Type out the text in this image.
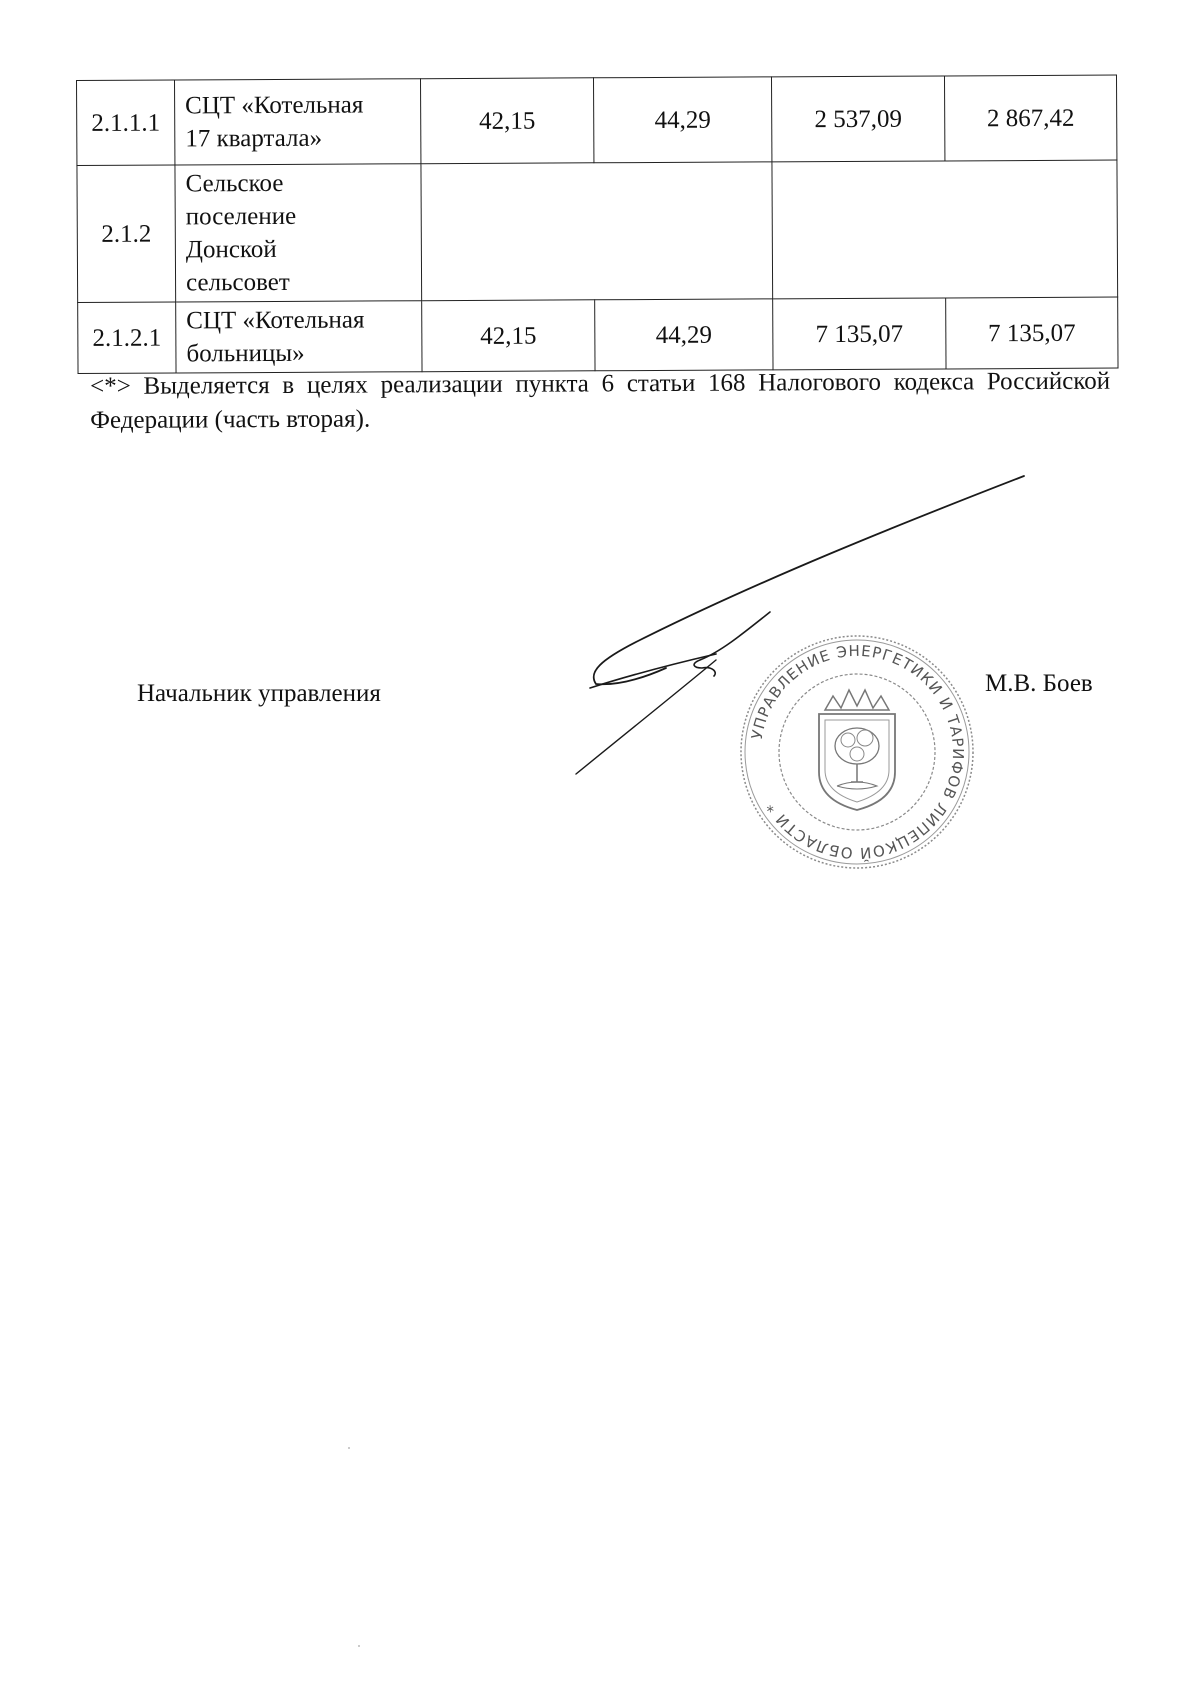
2.1.1.1	СЦТ «Котельная
17 квартала»	42,15	44,29	2 537,09	2 867,42
2.1.2	Сельское
поселение
Донской
сельсовет				

2.1.2.1	СЦТ «Котельная
больницы»	42,15	44,29	7 135,07	7 135,07
<*> Выделяется в целях реализации пункта 6 статьи 168 Налогового кодекса Российской Федерации (часть вторая).
Начальник управления	М.В. Боев
УПРАВЛЕНИЕ ЭНЕРГЕТИКИ И ТАРИФОВ ЛИПЕЦКОЙ ОБЛАСТИ *
